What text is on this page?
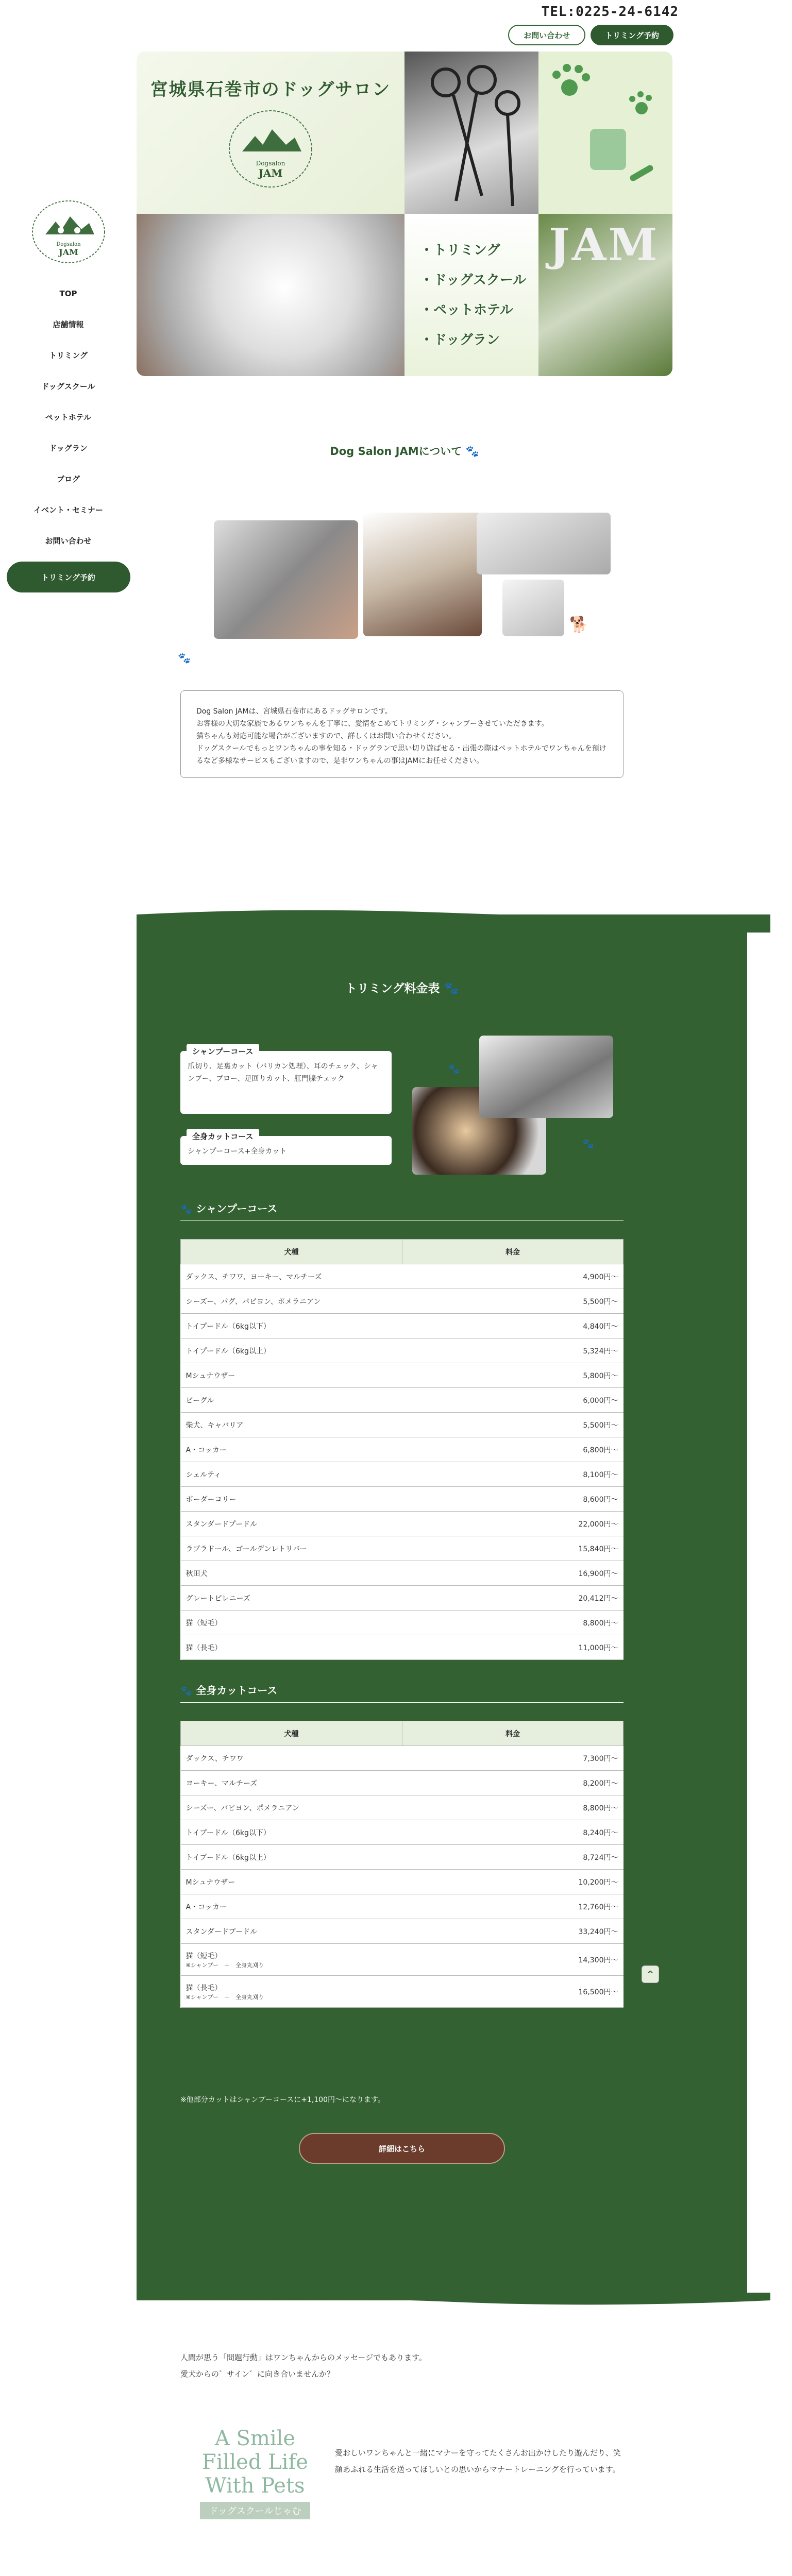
TEL:0225-24-6142
お問い合わせ	トリミング予約
Dogsalon
JAM
TOP
店舗情報
トリミング
ドッグスクール
ペットホテル
ドッグラン
ブログ
イベント・セミナー
お問い合わせ
トリミング予約
宮城県石巻市のドッグサロン
Dogsalon
JAM
・トリミング
・ドッグスクール
・ペットホテル
・ドッグラン
JAM
Dog Salon JAMについて 🐾
🐕
🐾

Dog Salon JAMは、宮城県石巻市にあるドッグサロンです。

お客様の大切な家族であるワンちゃんを丁寧に、愛情をこめてトリミング・シャンプーさせていただきます。

猫ちゃんも対応可能な場合がございますので、詳しくはお問い合わせください。

ドッグスクールでもっとワンちゃんの事を知る・ドッグランで思い切り遊ばせる・出張の際はペットホテルでワンちゃんを預けるなど多様なサービスもございますので、是非ワンちゃんの事はJAMにお任せください。

トリミング料金表 🐾
シャンプーコース
爪切り、足裏カット（バリカン処理）、耳のチェック、シャンプー、ブロー、足回りカット、肛門腺チェック
全身カットコース
シャンプーコース+全身カット
🐾
🐾
🐾 シャンプーコース
犬種	料金
ダックス、チワワ、ヨーキー、マルチーズ	4,900円〜
シーズー、パグ、パピヨン、ポメラニアン	5,500円〜
トイプードル（6kg以下）	4,840円〜
トイプードル（6kg以上）	5,324円〜
Mシュナウザー	5,800円〜
ビーグル	6,000円〜
柴犬、キャバリア	5,500円〜
A・コッカー	6,800円〜
シェルティ	8,100円〜
ボーダーコリー	8,600円〜
スタンダードプードル	22,000円〜
ラブラドール、ゴールデンレトリバー	15,840円〜
秋田犬	16,900円〜
グレートピレニーズ	20,412円〜
猫（短毛）	8,800円〜
猫（長毛）	11,000円〜
🐾 全身カットコース
犬種	料金
ダックス、チワワ	7,300円〜
ヨーキー、マルチーズ	8,200円〜
シーズー、パピヨン、ポメラニアン	8,800円〜
トイプードル（6kg以下）	8,240円〜
トイプードル（6kg以上）	8,724円〜
Mシュナウザー	10,200円〜
A・コッカー	12,760円〜
スタンダードプードル	33,240円〜
猫（短毛）
※シャンプー　＋　全身丸刈り	14,300円〜
猫（長毛）
※シャンプー　＋　全身丸刈り	16,500円〜
※他部分カットはシャンプーコースに+1,100円〜になります。
詳細はこちら
^
人間が思う「問題行動」はワンちゃんからのメッセージでもあります。
愛犬からの゛サイン゛に向き合いませんか？
A Smile
Filled Life
With Pets
ドッグスクールじゃむ
愛おしいワンちゃんと一緒にマナーを守ってたくさんお出かけしたり遊んだり、笑顔あふれる生活を送ってほしいとの思いからマナートレーニングを行っています。
